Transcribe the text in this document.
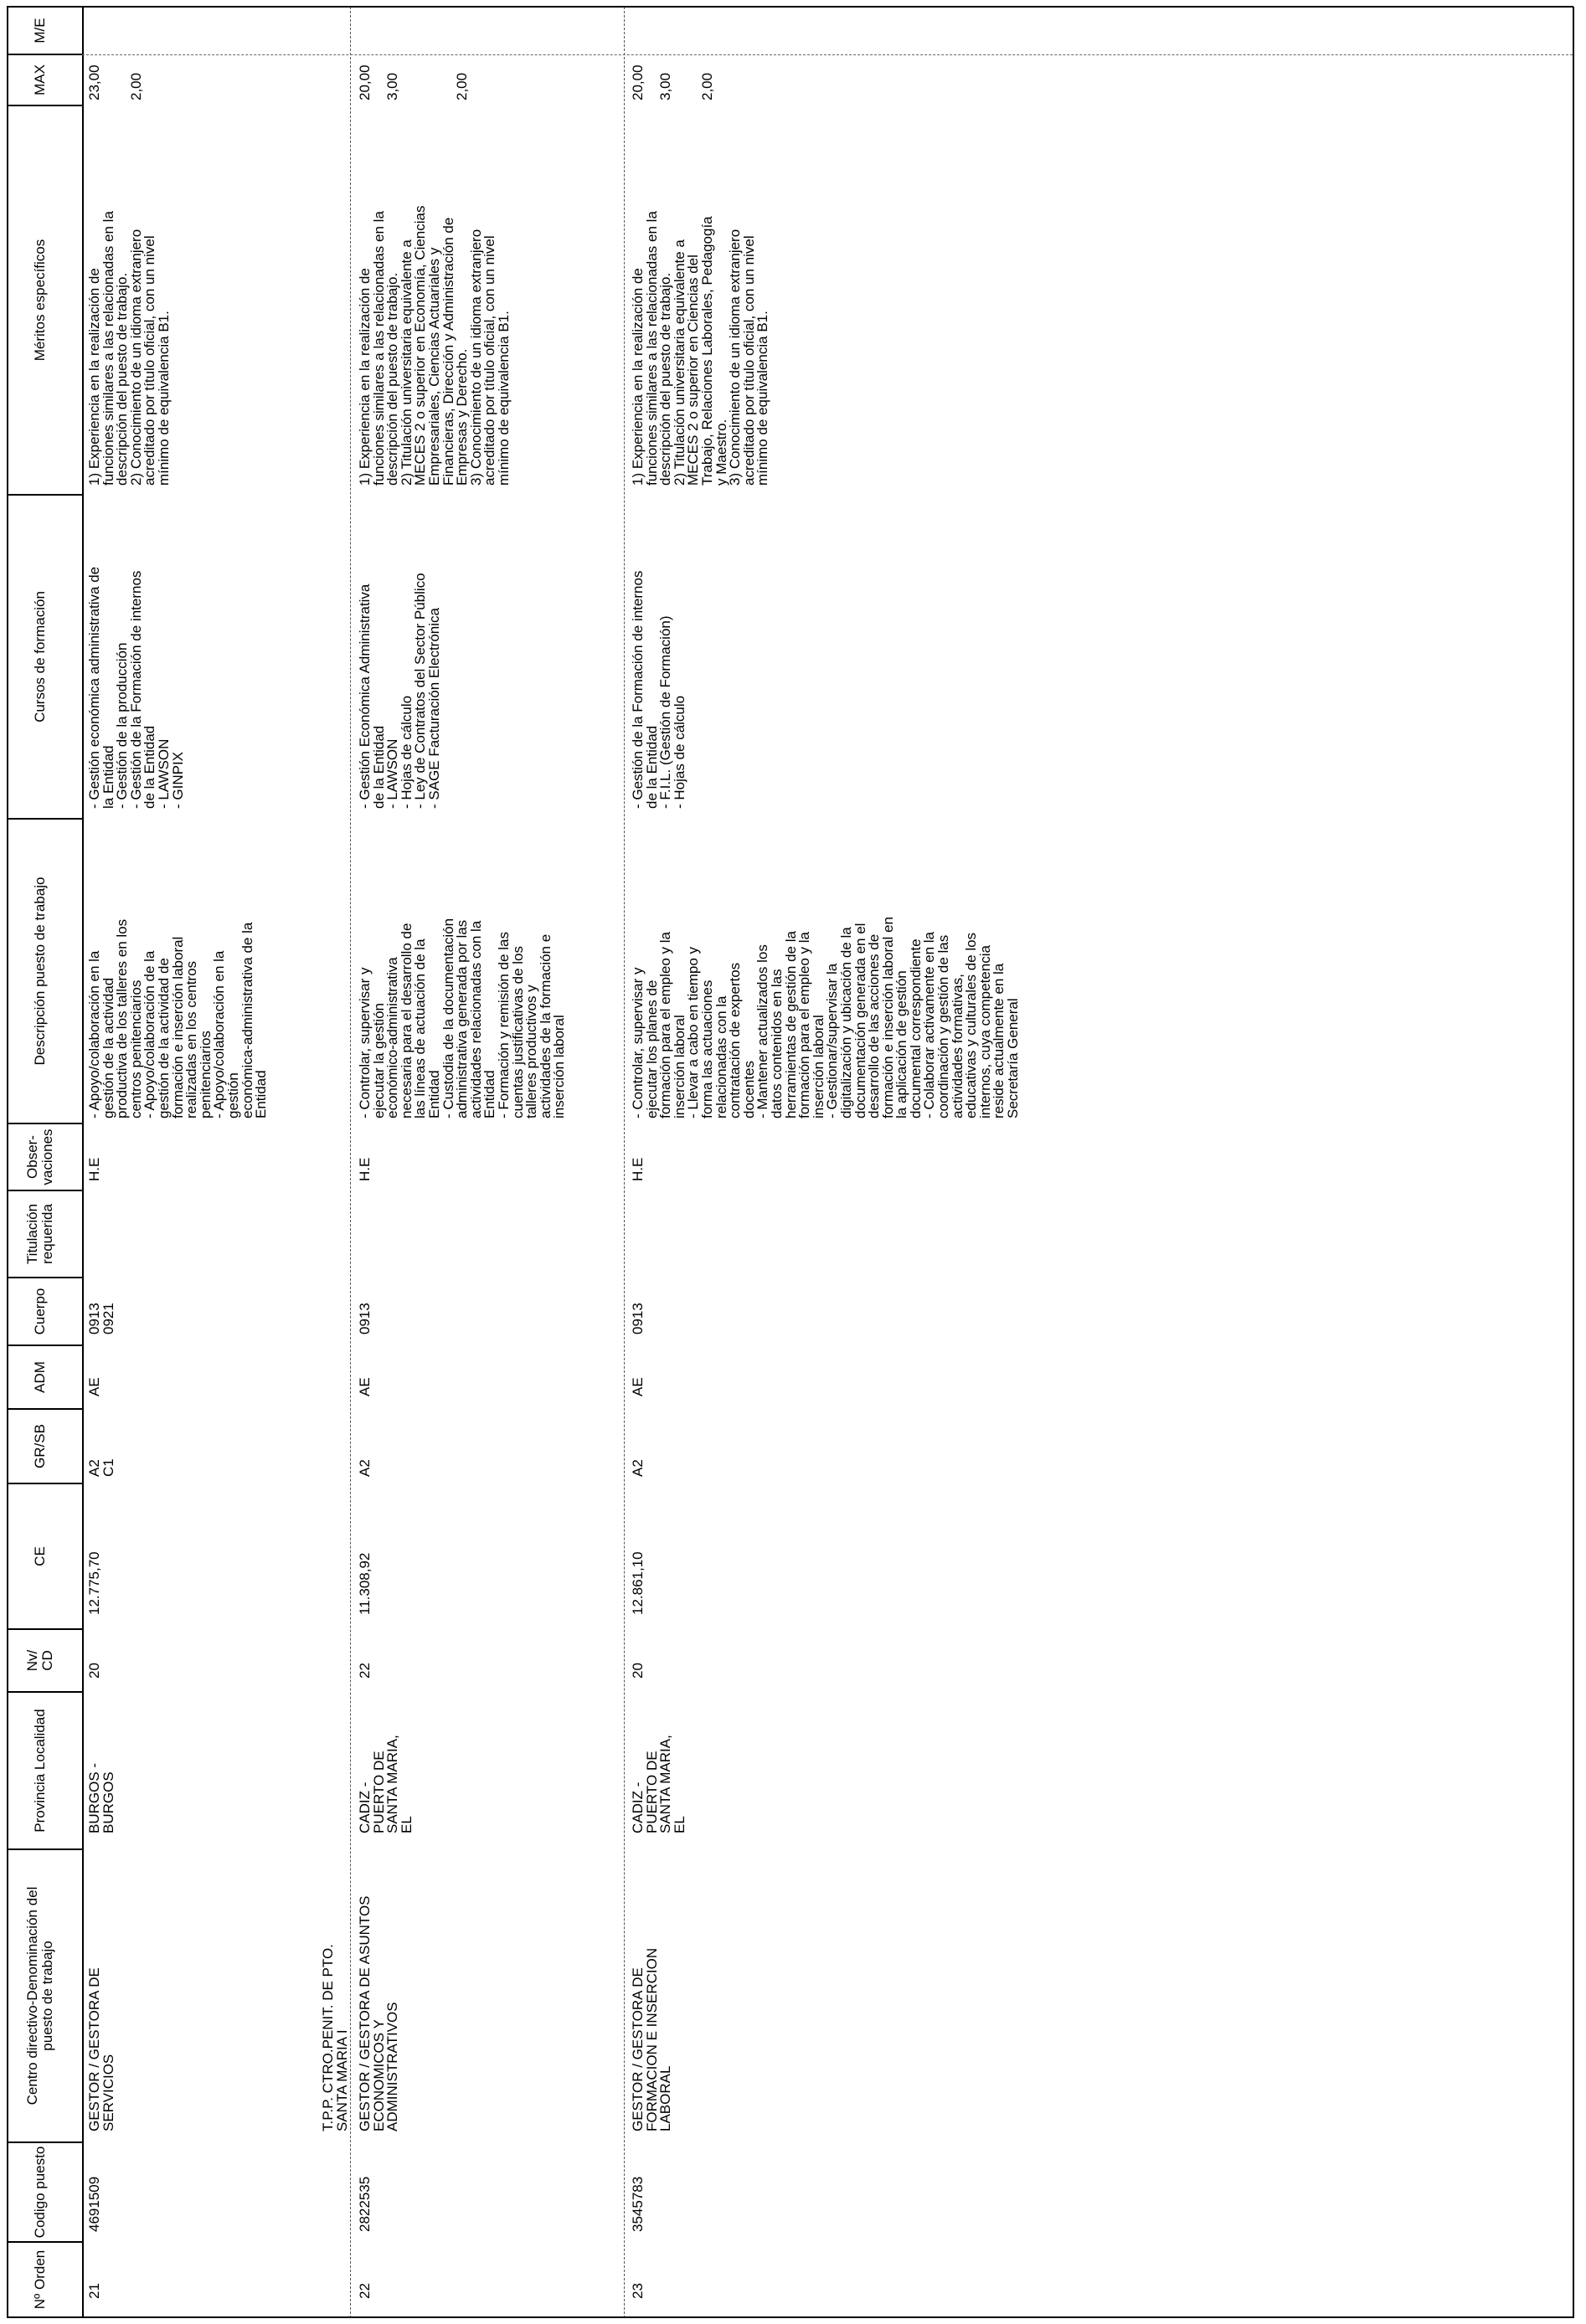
Nº Orden
Codigo puesto
Centro directivo-Denominación del puesto de trabajo
Provincia Localidad
Nv/ CD
CE
GR/SB
ADM
Cuerpo
Titulación requerida
Obser- vaciones
Descripción puesto de trabajo
Cursos de formación
Méritos específicos
MAX
M/E
21
4691509
GESTOR / GESTORA DE
SERVICIOS
BURGOS -
BURGOS
20
12.775,70
A2
C1
AE
0913
0921
H.E
- Apoyo/colaboración en la
gestión de la actividad
productiva de los talleres en los
centros penitenciarios
- Apoyo/colaboración de la
gestión de la actividad de
formación e inserción laboral
realizadas en los centros
penitenciarios
- Apoyo/colaboración en la
gestión
económica-administrativa de la
Entidad
- Gestión económica administrativa de
la Entidad
- Gestión de la producción
- Gestión de la Formación de internos
de la Entidad
- LAWSON
- GINPIX
1) Experiencia en la realización de
funciones similares a las relacionadas en la
descripción del puesto de trabajo.
2) Conocimiento de un idioma extranjero
acreditado por título oficial, con un nivel
mínimo de equivalencia B1.
23,00

2,00
T.P.P. CTRO.PENIT. DE PTO.
SANTA MARIA I
22
2822535
GESTOR / GESTORA DE ASUNTOS
ECONOMICOS Y
ADMINISTRATIVOS
CADIZ -
PUERTO DE
SANTA MARIA,
EL
22
11.308,92
A2
AE
0913
H.E
- Controlar, supervisar y
ejecutar la gestión
económico-administrativa
necesaria para el desarrollo de
las líneas de actuación de la
Entidad
- Custodia de la documentación
administrativa generada por las
actividades relacionadas con la
Entidad
- Formación y remisión de las
cuentas justificativas de los
talleres productivos y
actividades de la formación e
inserción laboral
- Gestión Económica Administrativa
de la Entidad
- LAWSON
- Hojas de cálculo
- Ley de Contratos del Sector Público
- SAGE Facturación Electrónica
1) Experiencia en la realización de
funciones similares a las relacionadas en la
descripción del puesto de trabajo.
2) Titulación universitaria equivalente a
MECES 2 o superior en Economía, Ciencias
Empresariales, Ciencias Actuariales y
Financieras, Dirección y Administración de
Empresas y Derecho.
3) Conocimiento de un idioma extranjero
acreditado por título oficial, con un nivel
mínimo de equivalencia B1.
20,00

3,00

2,00
23
3545783
GESTOR / GESTORA DE
FORMACION E INSERCION
LABORAL
CADIZ -
PUERTO DE
SANTA MARIA,
EL
20
12.861,10
A2
AE
0913
H.E
- Controlar, supervisar y
ejecutar los planes de
formación para el empleo y la
inserción laboral
- Llevar a cabo en tiempo y
forma las actuaciones
relacionadas con la
contratación de expertos
docentes
- Mantener actualizados los
datos contenidos en las
herramientas de gestión de la
formación para el empleo y la
inserción laboral
- Gestionar/supervisar la
digitalización y ubicación de la
documentación generada en el
desarrollo de las acciones de
formación e inserción laboral en
la aplicación de gestión
documental correspondiente
- Colaborar activamente en la
coordinación y gestión de las
actividades formativas,
educativas y culturales de los
internos, cuya competencia
reside actualmente en la
Secretaría General
- Gestión de la Formación de internos
de la Entidad
- F.I.L. (Gestión de Formación)
- Hojas de cálculo
1) Experiencia en la realización de
funciones similares a las relacionadas en la
descripción del puesto de trabajo.
2) Titulación universitaria equivalente a
MECES 2 o superior en Ciencias del
Trabajo, Relaciones Laborales, Pedagogía
y Maestro.
3) Conocimiento de un idioma extranjero
acreditado por título oficial, con un nivel
mínimo de equivalencia B1.
20,00

3,00

2,00
